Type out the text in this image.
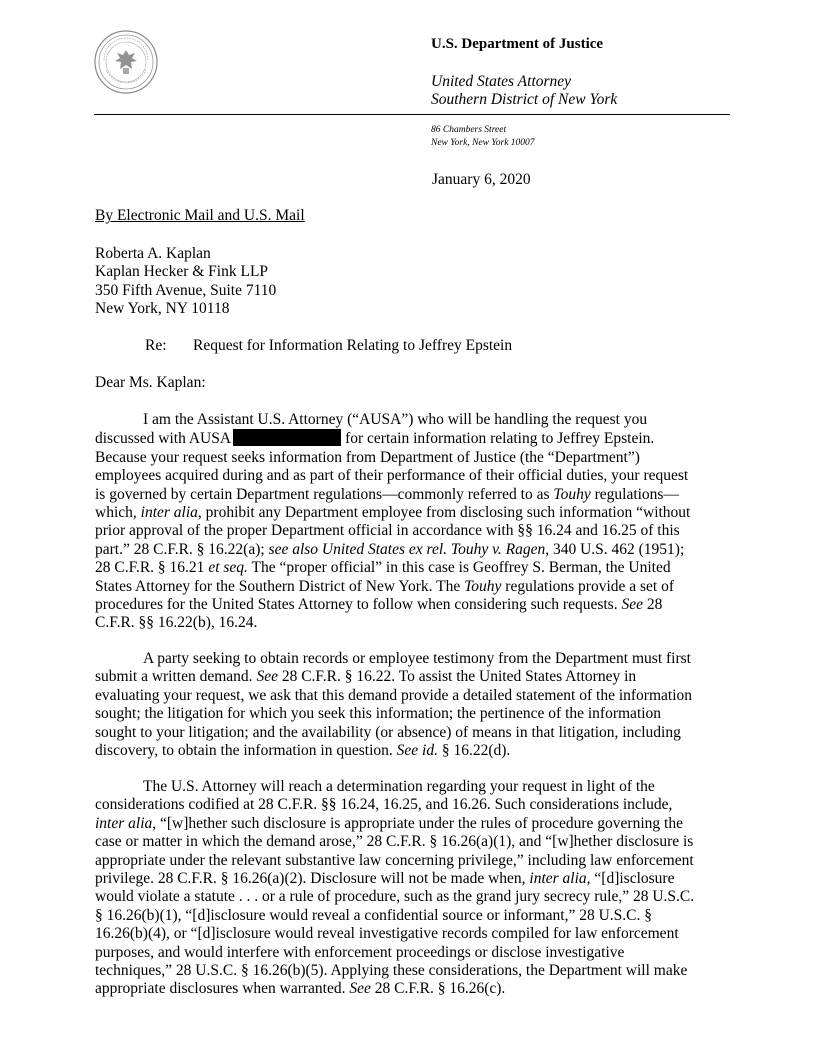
U.S. Department of Justice
United States Attorney
Southern District of New York
86 Chambers Street
New York, New York 10007
January 6, 2020
By Electronic Mail and U.S. Mail
Roberta A. Kaplan
Kaplan Hecker & Fink LLP
350 Fifth Avenue, Suite 7110
New York, NY 10118
Re: Request for Information Relating to Jeffrey Epstein
Dear Ms. Kaplan:
I am the Assistant U.S. Attorney (“AUSA”) who will be handling the request you
discussed with AUSA	for certain information relating to Jeffrey Epstein.
Because your request seeks information from Department of Justice (the “Department”)
employees acquired during and as part of their performance of their official duties, your request
is governed by certain Department regulations—commonly referred to as Touhy regulations—
which, inter alia, prohibit any Department employee from disclosing such information “without
prior approval of the proper Department official in accordance with §§ 16.24 and 16.25 of this
part.” 28 C.F.R. § 16.22(a); see also United States ex rel. Touhy v. Ragen, 340 U.S. 462 (1951);
28 C.F.R. § 16.21 et seq. The “proper official” in this case is Geoffrey S. Berman, the United
States Attorney for the Southern District of New York. The Touhy regulations provide a set of
procedures for the United States Attorney to follow when considering such requests. See 28
C.F.R. §§ 16.22(b), 16.24.
A party seeking to obtain records or employee testimony from the Department must first
submit a written demand. See 28 C.F.R. § 16.22. To assist the United States Attorney in
evaluating your request, we ask that this demand provide a detailed statement of the information
sought; the litigation for which you seek this information; the pertinence of the information
sought to your litigation; and the availability (or absence) of means in that litigation, including
discovery, to obtain the information in question. See id. § 16.22(d).
The U.S. Attorney will reach a determination regarding your request in light of the
considerations codified at 28 C.F.R. §§ 16.24, 16.25, and 16.26. Such considerations include,
inter alia, “[w]hether such disclosure is appropriate under the rules of procedure governing the
case or matter in which the demand arose,” 28 C.F.R. § 16.26(a)(1), and “[w]hether disclosure is
appropriate under the relevant substantive law concerning privilege,” including law enforcement
privilege. 28 C.F.R. § 16.26(a)(2). Disclosure will not be made when, inter alia, “[d]isclosure
would violate a statute . . . or a rule of procedure, such as the grand jury secrecy rule,” 28 U.S.C.
§ 16.26(b)(1), “[d]isclosure would reveal a confidential source or informant,” 28 U.S.C. §
16.26(b)(4), or “[d]isclosure would reveal investigative records compiled for law enforcement
purposes, and would interfere with enforcement proceedings or disclose investigative
techniques,” 28 U.S.C. § 16.26(b)(5). Applying these considerations, the Department will make
appropriate disclosures when warranted. See 28 C.F.R. § 16.26(c).
